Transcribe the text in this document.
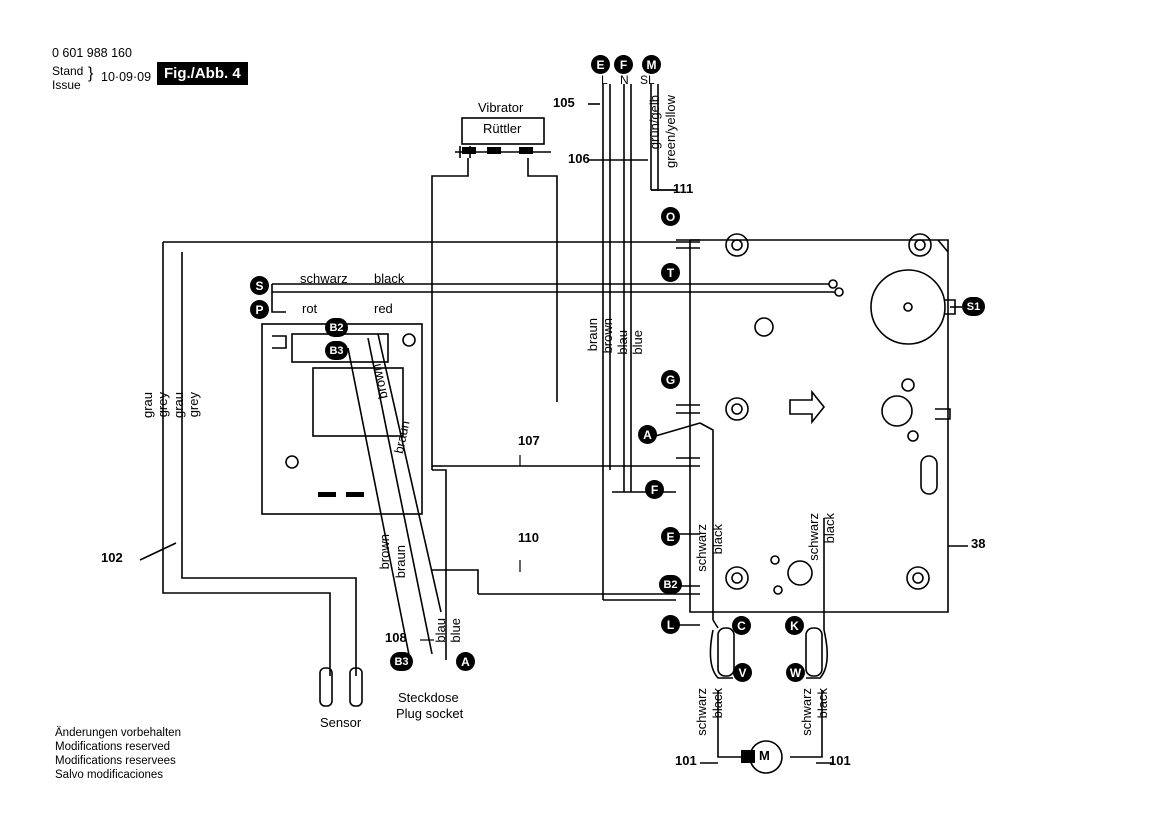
0 601 988 160
Stand
Issue
} 10·09·09 Fig./Abb. 4
Änderungen vorbehalten
Modifications reserved
Modifications reservees
Salvo modificaciones
E	F	M
O
T
S
P
B2
B3
G
A
F
E
B2
L
B3	A
C	K
V	W
S1
Vibrator
Rüttler
L N SL
grün/gelb green/yellow
braun brown blau blue
schwarz black
rot	red
grau grey grau grey
brown
braun
brown braun
blau blue
schwarz black	schwarz black
schwarz black	schwarz black
M
Sensor
Steckdose
Plug socket
105
106
111
102
107
110
108
38
101	101
